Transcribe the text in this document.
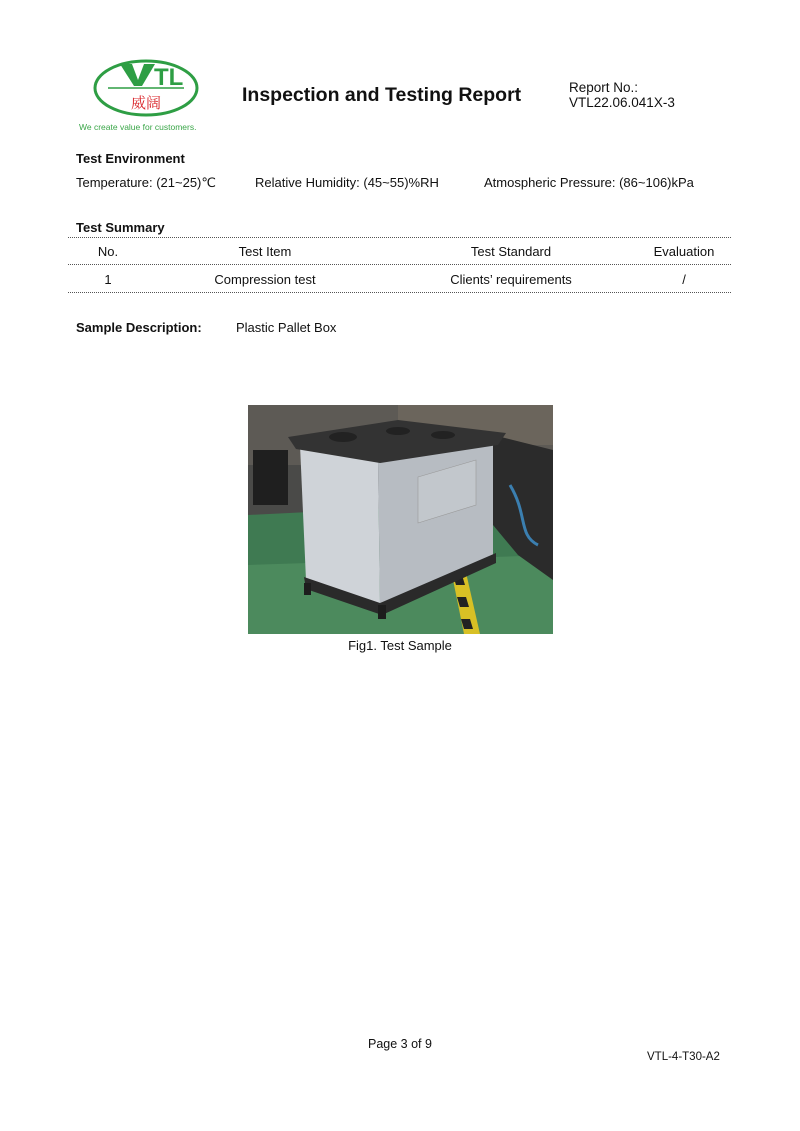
TL
威阔
We create value for customers.
Inspection and Testing Report	Report No.:
VTL22.06.041X-3
Test Environment
Temperature: (21~25)℃	Relative Humidity: (45~55)%RH	Atmospheric Pressure: (86~106)kPa
Test Summary
No.	Test Item	Test Standard	Evaluation
1	Compression test	Clients’ requirements	/
Sample Description:	Plastic Pallet Box
Fig1. Test Sample
Page 3 of 9
VTL-4-T30-A2
